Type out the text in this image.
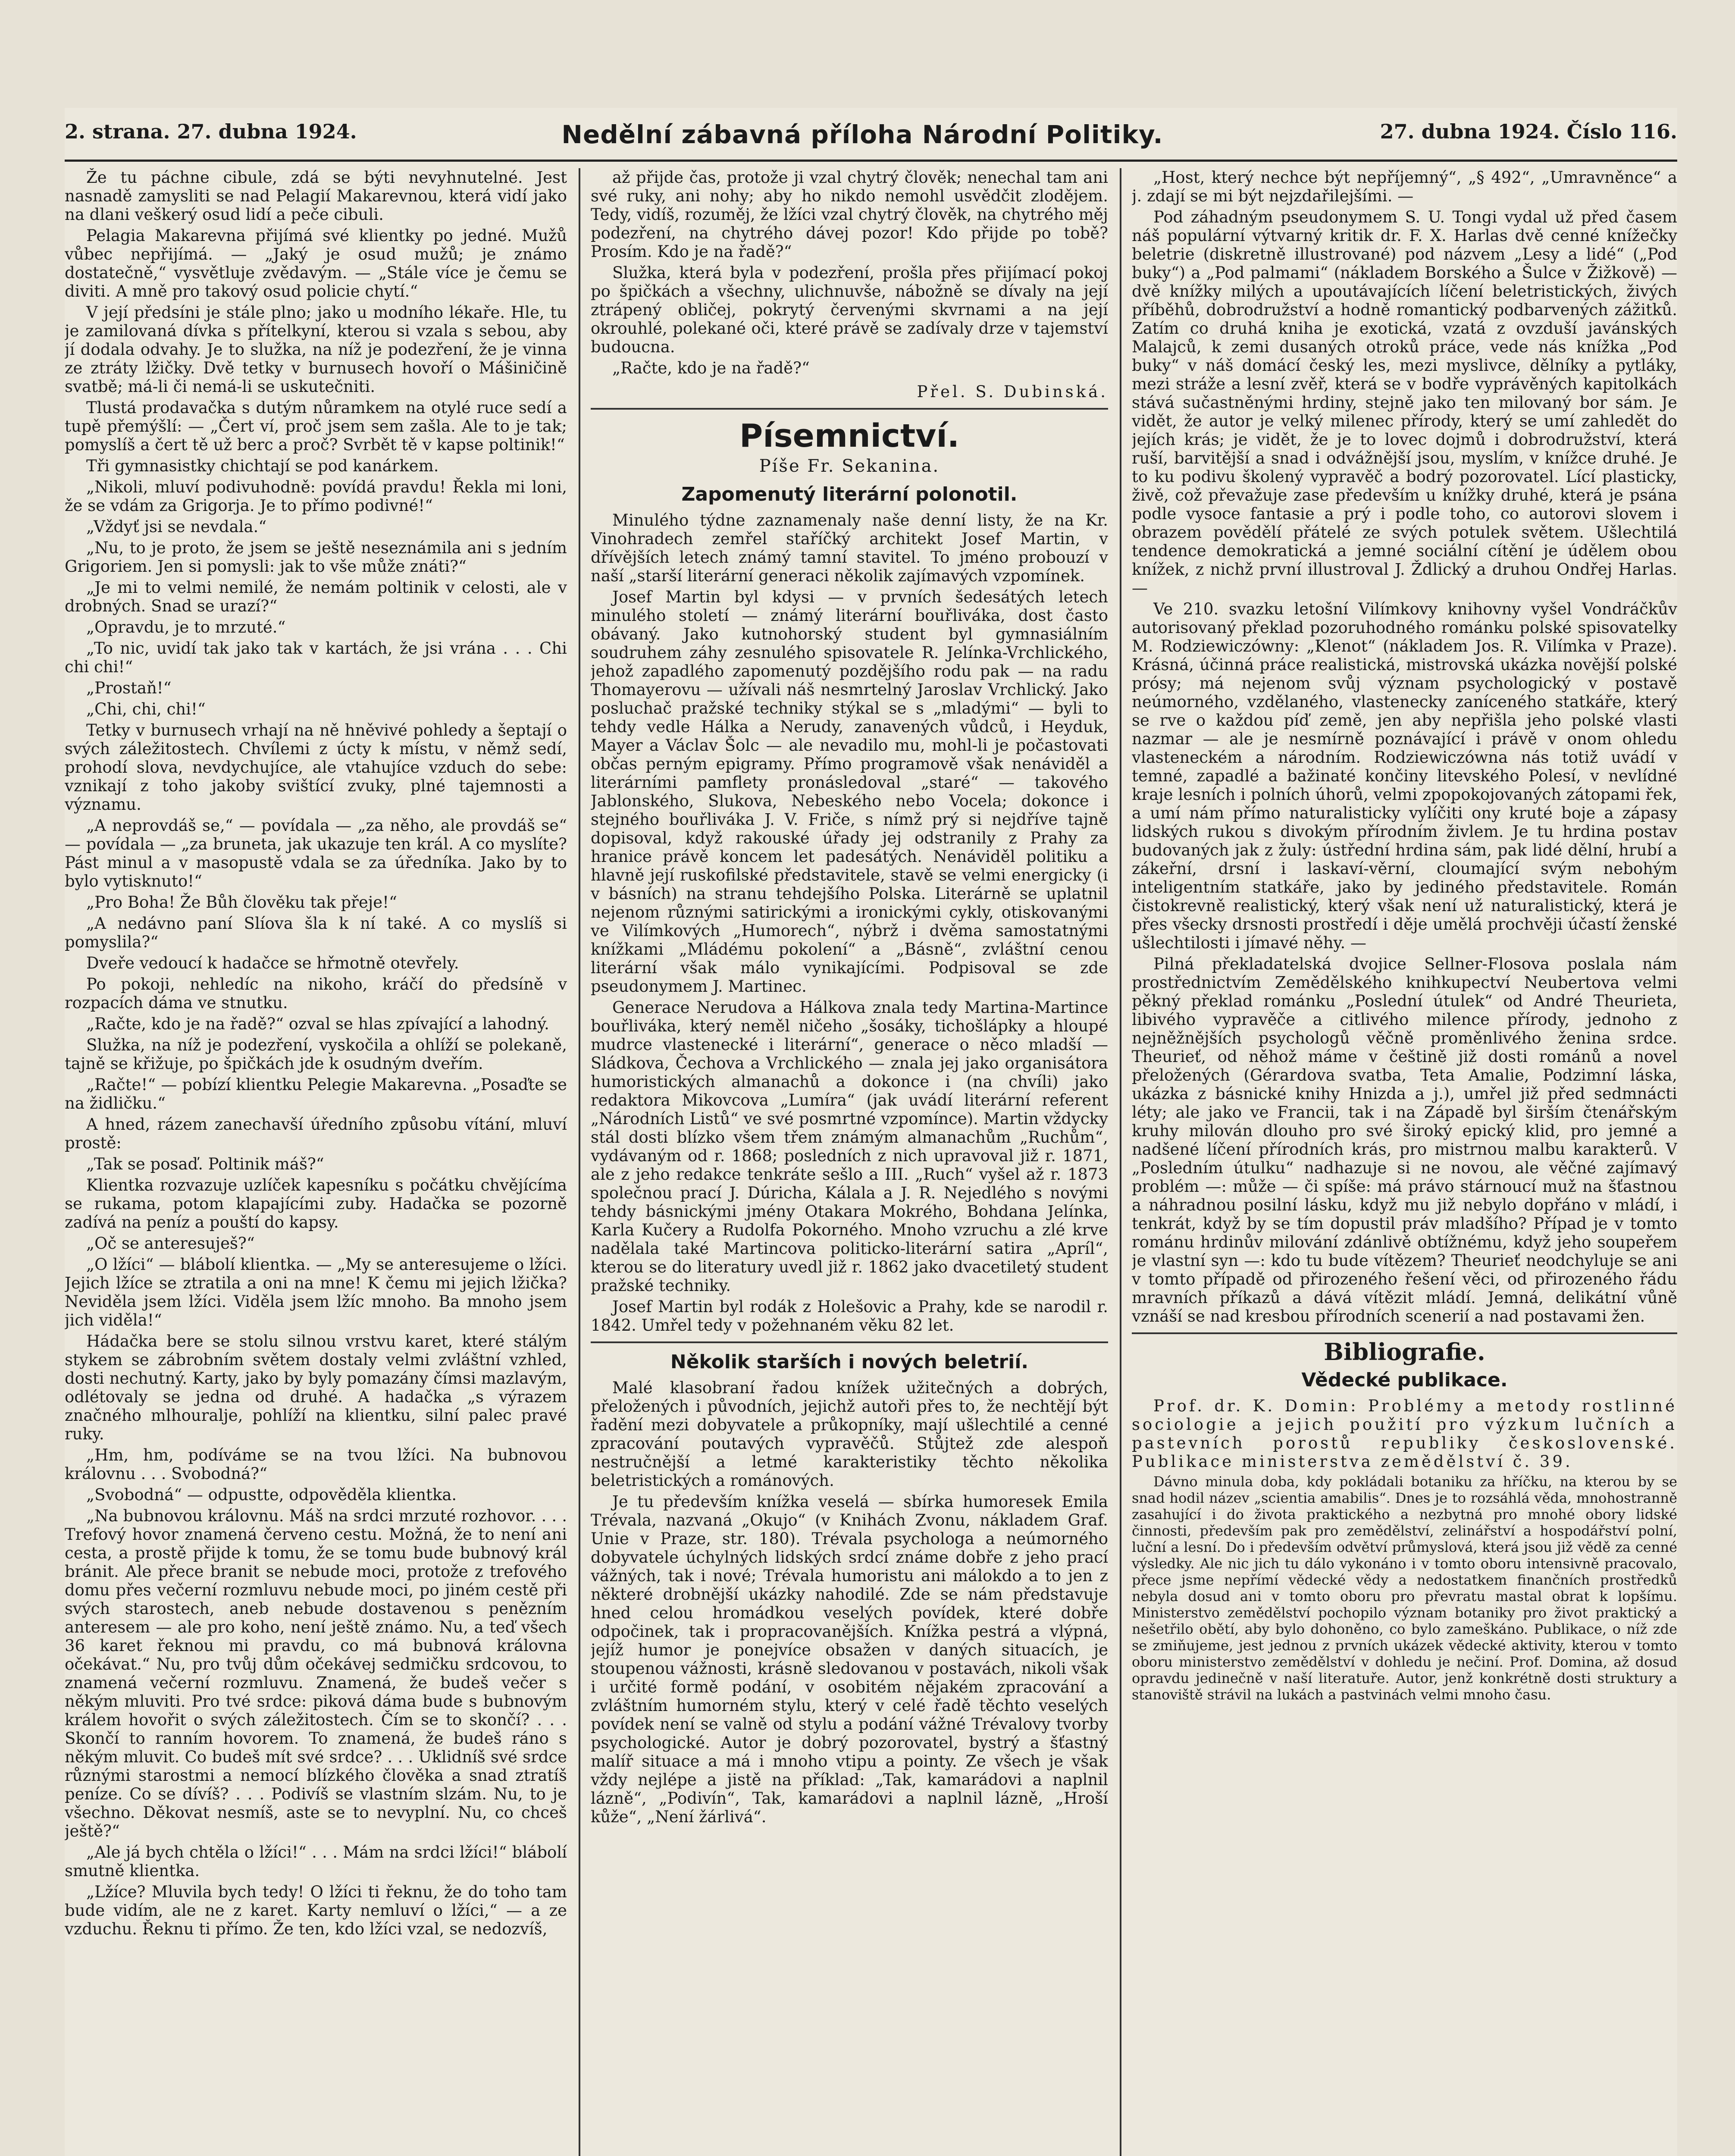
2. strana. 27. dubna 1924.	Nedělní zábavná příloha Národní Politiky.	27. dubna 1924. Číslo 116.

Že tu páchne cibule, zdá se býti nevyhnutelné. Jest nasnadě zamysliti se nad Pelagií Makarevnou, která vidí jako na dlani veškerý osud lidí a peče cibuli.

Pelagia Makarevna přijímá své klientky po jedné. Mužů vůbec nepřijímá. — „Jaký je osud mužů; je známo dostatečně,“ vysvětluje zvědavým. — „Stále více je čemu se diviti. A mně pro takový osud policie chytí.“

V její předsíni je stále plno; jako u modního lékaře. Hle, tu je zamilovaná dívka s přítelkyní, kterou si vzala s sebou, aby jí dodala odvahy. Je to služka, na níž je podezření, že je vinna ze ztráty lžičky. Dvě tetky v burnusech hovoří o Mášiničině svatbě; má-li či nemá-li se uskutečniti.

Tlustá prodavačka s dutým nůramkem na otylé ruce sedí a tupě přemýšlí: — „Čert ví, proč jsem sem zašla. Ale to je tak; pomyslíš a čert tě už berc a proč? Svrbět tě v kapse poltinik!“

Tři gymnasistky chichtají se pod kanárkem.

„Nikoli, mluví podivuhodně: povídá pravdu! Řekla mi loni, že se vdám za Grigorja. Je to přímo podivné!“

„Vždyť jsi se nevdala.“

„Nu, to je proto, že jsem se ještě neseznámila ani s jedním Grigoriem. Jen si pomysli: jak to vše může znáti?“

„Je mi to velmi nemilé, že nemám poltinik v celosti, ale v drobných. Snad se urazí?“

„Opravdu, je to mrzuté.“

„To nic, uvidí tak jako tak v kartách, že jsi vrána . . . Chi chi chi!“

„Prostaň!“

„Chi, chi, chi!“

Tetky v burnusech vrhají na ně hněvivé pohledy a šeptají o svých záležitostech. Chvílemi z úcty k místu, v němž sedí, prohodí slova, nevdychujíce, ale vtahujíce vzduch do sebe: vznikají z toho jakoby svištící zvuky, plné tajemnosti a významu.

„A neprovdáš se,“ — povídala — „za něho, ale provdáš se“ — povídala — „za bruneta, jak ukazuje ten král. A co myslíte? Pást minul a v masopustě vdala se za úředníka. Jako by to bylo vytisknuto!“

„Pro Boha! Že Bůh člověku tak přeje!“

„A nedávno paní Slíova šla k ní také. A co myslíš si pomyslila?“

Dveře vedoucí k hadačce se hřmotně otevřely.

Po pokoji, nehledíc na nikoho, kráčí do předsíně v rozpacích dáma ve stnutku.

„Račte, kdo je na řadě?“ ozval se hlas zpívající a lahodný.

Služka, na níž je podezření, vyskočila a ohlíží se polekaně, tajně se křižuje, po špičkách jde k osudným dveřím.

„Račte!“ — pobízí klientku Pelegie Makarevna. „Posaďte se na židličku.“

A hned, rázem zanechavší úředního způsobu vítání, mluví prostě:

„Tak se posaď. Poltinik máš?“

Klientka rozvazuje uzlíček kapesníku s počátku chvějícíma se rukama, potom klapajícími zuby. Hadačka se pozorně zadívá na peníz a pouští do kapsy.

„Oč se anteresuješ?“

„O lžíci“ — blábolí klientka. — „My se anteresujeme o lžíci. Jejich lžíce se ztratila a oni na mne! K čemu mi jejich lžička? Neviděla jsem lžíci. Viděla jsem lžíc mnoho. Ba mnoho jsem jich viděla!“

Hádačka bere se stolu silnou vrstvu karet, které stálým stykem se zábrobním světem dostaly velmi zvláštní vzhled, dosti nechutný. Karty, jako by byly pomazány čímsi mazlavým, odlétovaly se jedna od druhé. A hadačka „s výrazem značného mlhouralje, pohlíží na klientku, silní palec pravé ruky.

„Hm, hm, podíváme se na tvou lžíci. Na bubnovou královnu . . . Svobodná?“

„Svobodná“ — odpustte, odpověděla klientka.

„Na bubnovou královnu. Máš na srdci mrzuté rozhovor. . . . Trefový hovor znamená červeno cestu. Možná, že to není ani cesta, a prostě přijde k tomu, že se tomu bude bubnový král bránit. Ale přece branit se nebude moci, protože z trefového domu přes večerní rozmluvu nebude moci, po jiném cestě při svých starostech, aneb nebude dostavenou s penězním anteresem — ale pro koho, není ještě známo. Nu, a teď všech 36 karet řeknou mi pravdu, co má bubnová královna očekávat.“ Nu, pro tvůj dům očekávej sedmičku srdcovou, to znamená večerní rozmluvu. Znamená, že budeš večer s někým mluviti. Pro tvé srdce: piková dáma bude s bubnovým králem hovořit o svých záležitostech. Čím se to skončí? . . . Skončí to ranním hovorem. To znamená, že budeš ráno s někým mluvit. Co budeš mít své srdce? . . . Uklidníš své srdce různými starostmi a nemocí blízkého člověka a snad ztratíš peníze. Co se dívíš? . . . Podivíš se vlastním slzám. Nu, to je všechno. Děkovat nesmíš, aste se to nevyplní. Nu, co chceš ještě?“

„Ale já bych chtěla o lžíci!“ . . . Mám na srdci lžíci!“ blábolí smutně klientka.

„Lžíce? Mluvila bych tedy! O lžíci ti řeknu, že do toho tam bude vidím, ale ne z karet. Karty nemluví o lžíci,“ — a ze vzduchu. Řeknu ti přímo. Že ten, kdo lžíci vzal, se nedozvíš,

až přijde čas, protože ji vzal chytrý člověk; nenechal tam ani své ruky, ani nohy; aby ho nikdo nemohl usvědčit zlodějem. Tedy, vidíš, rozuměj, že lžíci vzal chytrý člověk, na chytrého měj podezření, na chytrého dávej pozor! Kdo přijde po tobě? Prosím. Kdo je na řadě?“

Služka, která byla v podezření, prošla přes přijímací pokoj po špičkách a všechny, ulichnuvše, nábožně se dívaly na její ztrápený obličej, pokrytý červenými skvrnami a na její okrouhlé, polekané oči, které právě se zadívaly drze v tajemství budoucna.

„Račte, kdo je na řadě?“

Přel. S. Dubinská.

Písemnictví.
Píše Fr. Sekanina.
Zapomenutý literární polonotil.

Minulého týdne zaznamenaly naše denní listy, že na Kr. Vinohradech zemřel staříčký architekt Josef Martin, v dřívějších letech známý tamní stavitel. To jméno probouzí v naší „starší literární generaci několik zajímavých vzpomínek.

Josef Martin byl kdysi — v prvních šedesátých letech minulého století — známý literární bouřliváka, dost často obávaný. Jako kutnohorský student byl gymnasiálním soudruhem záhy zesnulého spisovatele R. Jelínka-Vrchlického, jehož zapadlého zapomenutý pozdějšího rodu pak — na radu Thomayerovu — užívali náš nesmrtelný Jaroslav Vrchlický. Jako posluchač pražské techniky stýkal se s „mladými“ — byli to tehdy vedle Hálka a Nerudy, zanavených vůdců, i Heyduk, Mayer a Václav Šolc — ale nevadilo mu, mohl-li je počastovati občas perným epigramy. Přímo programově však nenáviděl a literárními pamflety pronásledoval „staré“ — takového Jablonského, Slukova, Nebeského nebo Vocela; dokonce i stejného bouřliváka J. V. Friče, s nímž prý si nejdříve tajně dopisoval, když rakouské úřady jej odstranily z Prahy za hranice právě koncem let padesátých. Nenáviděl politiku a hlavně její ruskofilské představitele, stavě se velmi energicky (i v básních) na stranu tehdejšího Polska. Literárně se uplatnil nejenom různými satirickými a ironickými cykly, otiskovanými ve Vilímkových „Humorech“, nýbrž i dvěma samostatnými knížkami „Mládému pokolení“ a „Básně“, zvláštní cenou literární však málo vynikajícími. Podpisoval se zde pseudonymem J. Martinec.

Generace Nerudova a Hálkova znala tedy Martina-Martince bouřliváka, který neměl ničeho „šosáky, tichošlápky a hloupé mudrce vlastenecké i literární“, generace o něco mladší — Sládkova, Čechova a Vrchlického — znala jej jako organisátora humoristických almanachů a dokonce i (na chvíli) jako redaktora Mikovcova „Lumíra“ (jak uvádí literární referent „Národních Listů“ ve své posmrtné vzpomínce). Martin vždycky stál dosti blízko všem třem známým almanachům „Ruchům“, vydávaným od r. 1868; posledních z nich upravoval již r. 1871, ale z jeho redakce tenkráte sešlo a III. „Ruch“ vyšel až r. 1873 společnou prací J. Dúricha, Kálala a J. R. Nejedlého s novými tehdy básnickými jmény Otakara Mokrého, Bohdana Jelínka, Karla Kučery a Rudolfa Pokorného. Mnoho vzruchu a zlé krve nadělala také Martincova politicko-literární satira „Apríl“, kterou se do literatury uvedl již r. 1862 jako dvacetiletý student pražské techniky.

Josef Martin byl rodák z Holešovic a Prahy, kde se narodil r. 1842. Umřel tedy v požehnaném věku 82 let.

Několik starších i nových beletrií.

Malé klasobraní řadou knížek užitečných a dobrých, přeložených i původních, jejichž autoři přes to, že nechtějí být řadění mezi dobyvatele a průkopníky, mají ušlechtilé a cenné zpracování poutavých vypravěčů. Stůjtež zde alespoň nestručnější a letmé karakteristiky těchto několika beletristických a románových.

Je tu především knížka veselá — sbírka humoresek Emila Trévala, nazvaná „Okujo“ (v Knihách Zvonu, nákladem Graf. Unie v Praze, str. 180). Trévala psychologa a neúmorného dobyvatele úchylných lidských srdcí známe dobře z jeho prací vážných, tak i nové; Trévala humoristu ani málokdo a to jen z některé drobnější ukázky nahodilé. Zde se nám představuje hned celou hromádkou veselých povídek, které dobře odpočinek, tak i propracovanějších. Knížka pestrá a vlýpná, jejíž humor je ponejvíce obsažen v daných situacích, je stoupenou vážnosti, krásně sledovanou v postavách, nikoli však i určité formě podání, v osobitém nějakém zpracování a zvláštním humorném stylu, který v celé řadě těchto veselých povídek není se valně od stylu a podání vážné Trévalovy tvorby psychologické. Autor je dobrý pozorovatel, bystrý a šťastný malíř situace a má i mnoho vtipu a pointy. Ze všech je však vždy nejlépe a jistě na příklad: „Tak, kamarádovi a naplnil lázně“, „Podivín“, Tak, kamarádovi a naplnil lázně, „Hroší kůže“, „Není žárlivá“.

„Host, který nechce být nepříjemný“, „§ 492“, „Umravněnce“ a j. zdají se mi být nejzdařilejšími. —

Pod záhadným pseudonymem S. U. Tongi vydal už před časem náš populární výtvarný kritik dr. F. X. Harlas dvě cenné knížečky beletrie (diskretně illustrované) pod názvem „Lesy a lidé“ („Pod buky“) a „Pod palmami“ (nákladem Borského a Šulce v Žižkově) — dvě knížky milých a upoutávajících líčení beletristických, živých příběhů, dobrodružství a hodně romantický podbarvených zážitků. Zatím co druhá kniha je exotická, vzatá z ovzduší javánských Malajců, k zemi dusaných otroků práce, vede nás knížka „Pod buky“ v náš domácí český les, mezi myslivce, dělníky a pytláky, mezi stráže a lesní zvěř, která se v bodře vyprávěných kapitolkách stává sučastněnými hrdiny, stejně jako ten milovaný bor sám. Je vidět, že autor je velký milenec přírody, který se umí zahledět do jejích krás; je vidět, že je to lovec dojmů i dobrodružství, která ruší, barvitější a snad i odvážnější jsou, myslím, v knížce druhé. Je to ku podivu školený vypravěč a bodrý pozorovatel. Lící plasticky, živě, což převažuje zase především u knížky druhé, která je psána podle vysoce fantasie a prý i podle toho, co autorovi slovem i obrazem povědělí přátelé ze svých potulek světem. Ušlechtilá tendence demokratická a jemné sociální cítění je údělem obou knížek, z nichž první illustroval J. Ždlický a druhou Ondřej Harlas. —

Ve 210. svazku letošní Vilímkovy knihovny vyšel Vondráčkův autorisovaný překlad pozoruhodného románku polské spisovatelky M. Rodziewiczówny: „Klenot“ (nákladem Jos. R. Vilímka v Praze). Krásná, účinná práce realistická, mistrovská ukázka novější polské prósy; má nejenom svůj význam psychologický v postavě neúmorného, vzdělaného, vlastenecky zaníceného statkáře, který se rve o každou píď země, jen aby nepřišla jeho polské vlasti nazmar — ale je nesmírně poznávající i právě v onom ohledu vlasteneckém a národním. Rodziewiczówna nás totiž uvádí v temné, zapadlé a bažinaté končiny litevského Polesí, v nevlídné kraje lesních i polních úhorů, velmi zpopokojovaných zátopami řek, a umí nám přímo naturalisticky vylíčiti ony kruté boje a zápasy lidských rukou s divokým přírodním živlem. Je tu hrdina postav budovaných jak z žuly: ústřední hrdina sám, pak lidé dělní, hrubí a zákeřní, drsní i laskaví-věrní, cloumající svým nebohým inteligentním statkáře, jako by jediného představitele. Román čistokrevně realistický, který však není už naturalistický, která je přes všecky drsnosti prostředí i děje umělá prochvěji účastí ženské ušlechtilosti i jímavé něhy. —

Pilná překladatelská dvojice Sellner-Flosova poslala nám prostřednictvím Zemědělského knihkupectví Neubertova velmi pěkný překlad románku „Poslední útulek“ od André Theurieta, libivého vypravěče a citlivého milence přírody, jednoho z nejněžnějších psychologů věčně proměnlivého ženina srdce. Theurieť, od něhož máme v češtině již dosti románů a novel přeložených (Gérardova svatba, Teta Amalie, Podzimní láska, ukázka z básnické knihy Hnizda a j.), umřel již před sedmnácti léty; ale jako ve Francii, tak i na Západě byl širším čtenářským kruhy milován dlouho pro své široký epický klid, pro jemné a nadšené líčení přírodních krás, pro mistrnou malbu karakterů. V „Posledním útulku“ nadhazuje si ne novou, ale věčné zajímavý problém —: může — či spíše: má právo stárnoucí muž na šťastnou a náhradnou posilní lásku, když mu již nebylo dopřáno v mládí, i tenkrát, když by se tím dopustil práv mladšího? Případ je v tomto románu hrdinův milování zdánlivě obtížnému, když jeho soupeřem je vlastní syn —: kdo tu bude vítězem? Theurieť neodchyluje se ani v tomto případě od přirozeného řešení věci, od přirozeného řádu mravních příkazů a dává vítězit mládí. Jemná, delikátní vůně vznáší se nad kresbou přírodních scenerií a nad postavami žen.

Bibliografie.
Vědecké publikace.

Prof. dr. K. Domin: Problémy a metody rostlinné sociologie a jejich použití pro výzkum lučních a pastevních porostů republiky československé. Publikace ministerstva zemědělství č. 39.

Dávno minula doba, kdy pokládali botaniku za hříčku, na kterou by se snad hodil název „scientia amabilis“. Dnes je to rozsáhlá věda, mnohostranně zasahující i do života praktického a nezbytná pro mnohé obory lidské činnosti, především pak pro zemědělství, zelinářství a hospodářství polní, luční a lesní. Do i především odvětví průmyslová, která jsou již vědě za cenné výsledky. Ale nic jich tu dálo vykonáno i v tomto oboru intensivně pracovalo, přece jsme nepřímí vědecké vědy a nedostatkem finančních prostředků nebyla dosud ani v tomto oboru pro převratu mastal obrat k lopšímu. Ministerstvo zemědělství pochopilo význam botaniky pro život praktický a nešetřilo obětí, aby bylo dohoněno, co bylo zameškáno. Publikace, o níž zde se zmiňujeme, jest jednou z prvních ukázek vědecké aktivity, kterou v tomto oboru ministerstvo zemědělství v dohledu je nečiní. Prof. Domina, až dosud opravdu jedinečně v naší literatuře. Autor, jenž konkrétně dosti struktury a stanoviště strávil na lukách a pastvinách velmi mnoho času.
